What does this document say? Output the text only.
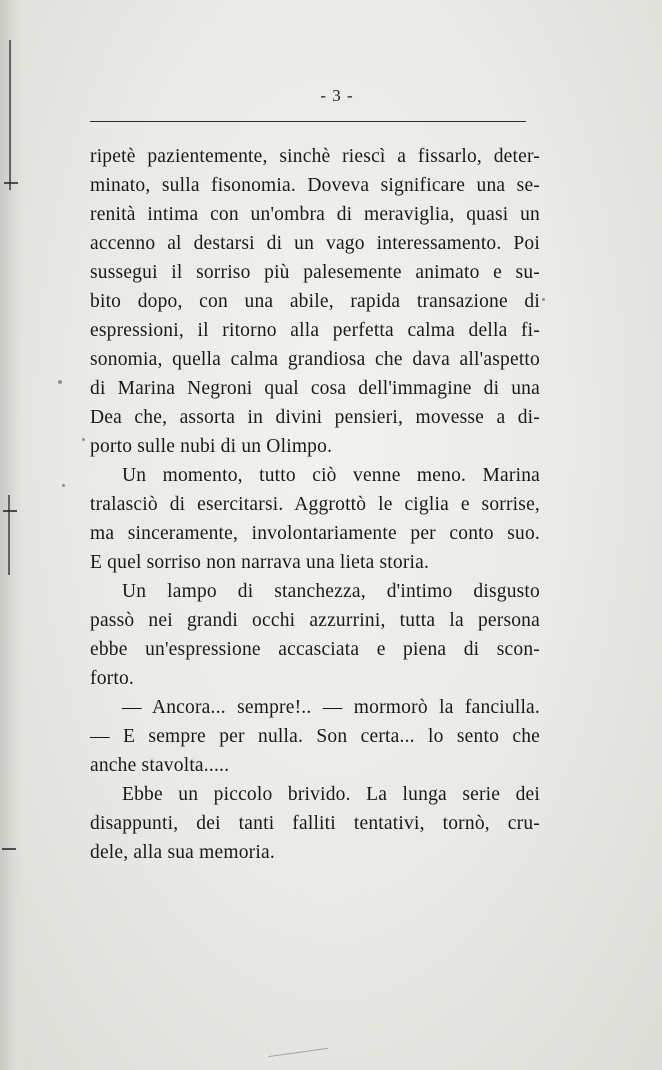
- 3 -
ripetè pazientemente, sinchè riescì a fissarlo, deter-
minato, sulla fisonomia. Doveva significare una se-
renità intima con un'ombra di meraviglia, quasi un
accenno al destarsi di un vago interessamento. Poi
sussegui il sorriso più palesemente animato e su-
bito dopo, con una abile, rapida transazione di
espressioni, il ritorno alla perfetta calma della fi-
sonomia, quella calma grandiosa che dava all'aspetto
di Marina Negroni qual cosa dell'immagine di una
Dea che, assorta in divini pensieri, movesse a di-
porto sulle nubi di un Olimpo.
Un momento, tutto ciò venne meno. Marina
tralasciò di esercitarsi. Aggrottò le ciglia e sorrise,
ma sinceramente, involontariamente per conto suo.
E quel sorriso non narrava una lieta storia.
Un lampo di stanchezza, d'intimo disgusto
passò nei grandi occhi azzurrini, tutta la persona
ebbe un'espressione accasciata e piena di scon-
forto.
— Ancora... sempre!.. — mormorò la fanciulla.
— E sempre per nulla. Son certa... lo sento che
anche stavolta.....
Ebbe un piccolo brivido. La lunga serie dei
disappunti, dei tanti falliti tentativi, tornò, cru-
dele, alla sua memoria.
